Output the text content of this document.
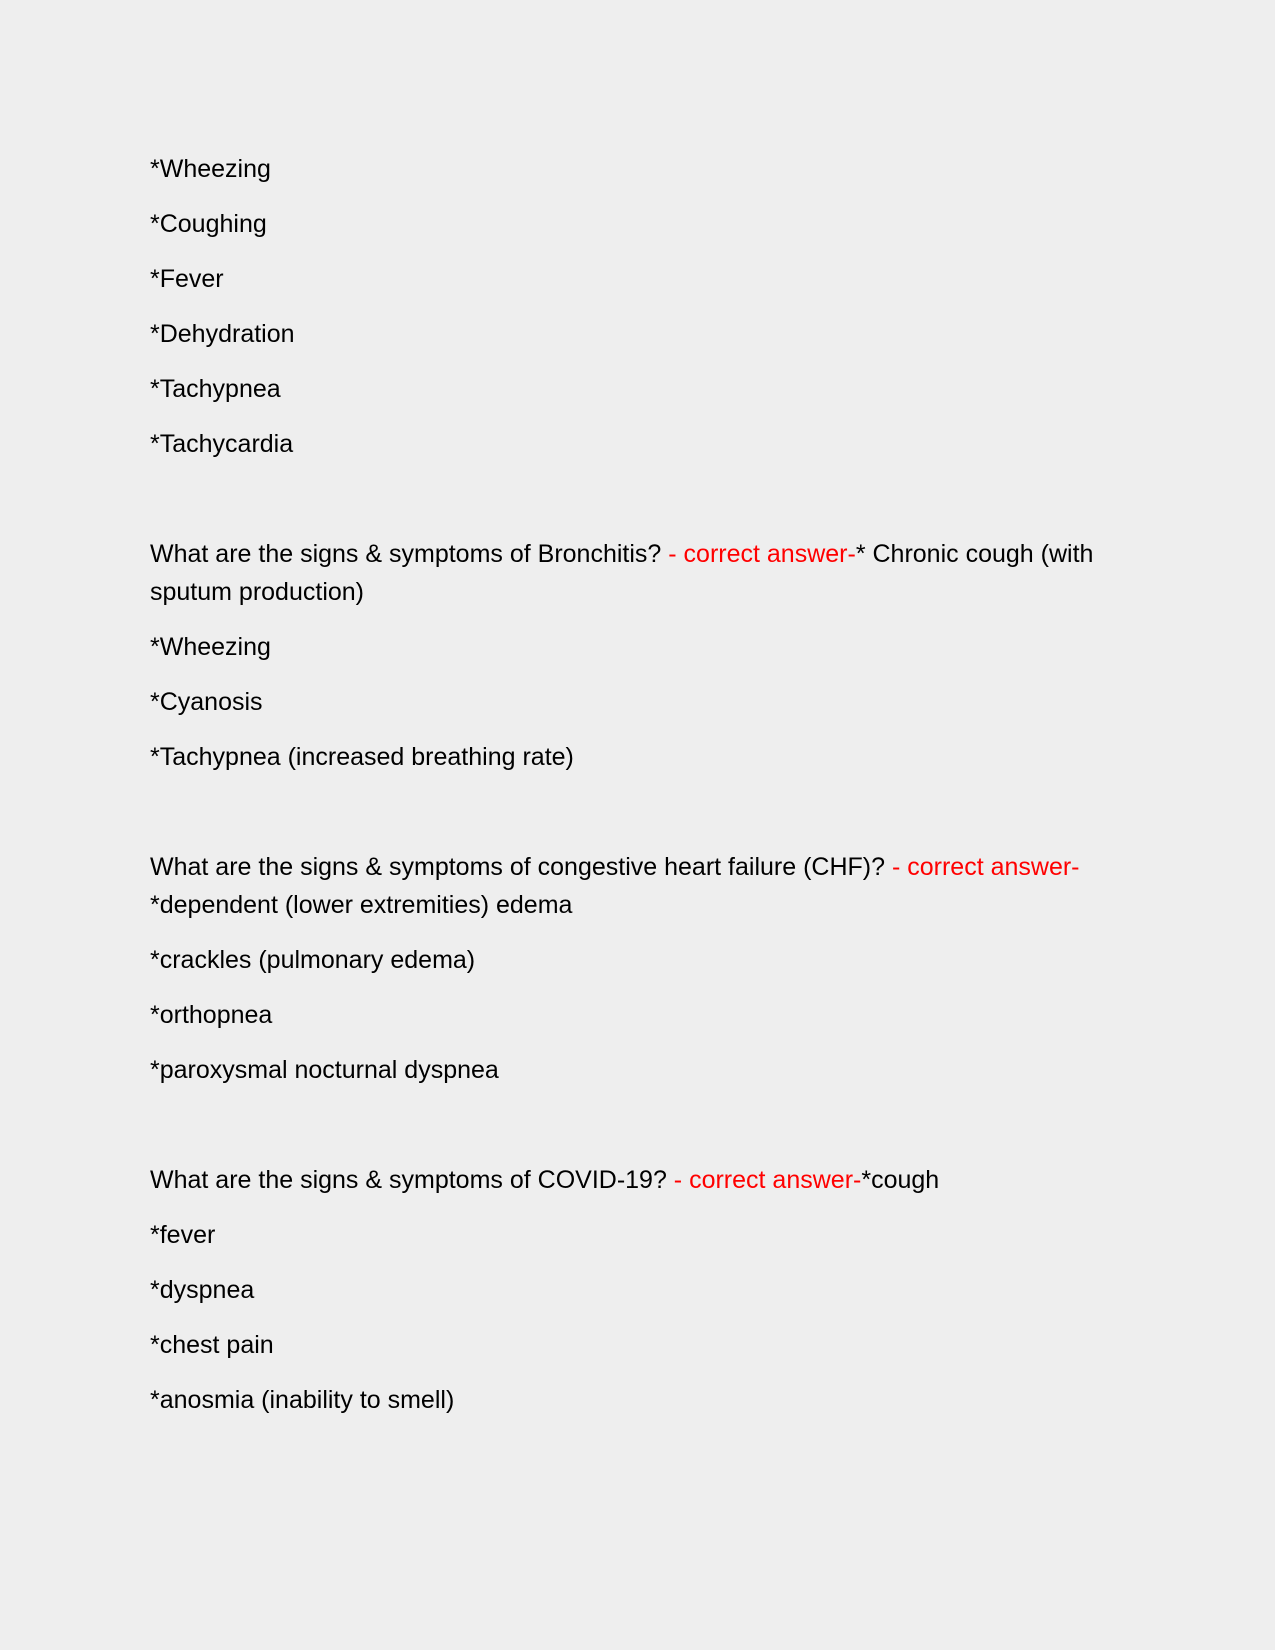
*Wheezing
*Coughing
*Fever
*Dehydration
*Tachypnea
*Tachycardia
What are the signs & symptoms of Bronchitis? - correct answer-* Chronic cough (with sputum production)
*Wheezing
*Cyanosis
*Tachypnea (increased breathing rate)
What are the signs & symptoms of congestive heart failure (CHF)? - correct answer-*dependent (lower extremities) edema
*crackles (pulmonary edema)
*orthopnea
*paroxysmal nocturnal dyspnea
What are the signs & symptoms of COVID-19? - correct answer-*cough
*fever
*dyspnea
*chest pain
*anosmia (inability to smell)
